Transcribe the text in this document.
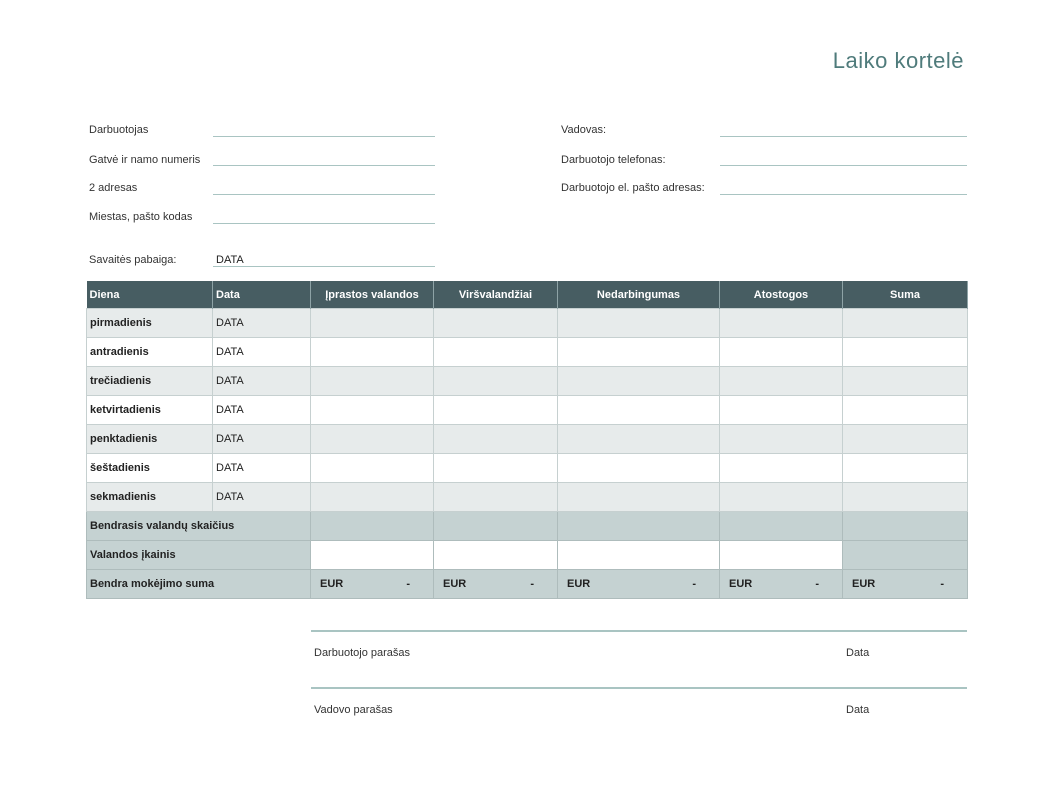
Laiko kortelė
Darbuotojas
Gatvė ir namo numeris
2 adresas
Miestas, pašto kodas
Vadovas:
Darbuotojo telefonas:
Darbuotojo el. pašto adresas:
Savaitės pabaiga:	DATA
Diena	Data	Įprastos valandos	Viršvalandžiai	Nedarbingumas	Atostogos	Suma
pirmadienis	DATA					
antradienis	DATA					
trečiadienis	DATA					
ketvirtadienis	DATA					
penktadienis	DATA					
šeštadienis	DATA					
sekmadienis	DATA					
Bendrasis valandų skaičius						
Valandos įkainis						
Bendra mokėjimo suma		EUR -	EUR -	EUR -	EUR -	EUR -
Darbuotojo parašas	Data
Vadovo parašas	Data
